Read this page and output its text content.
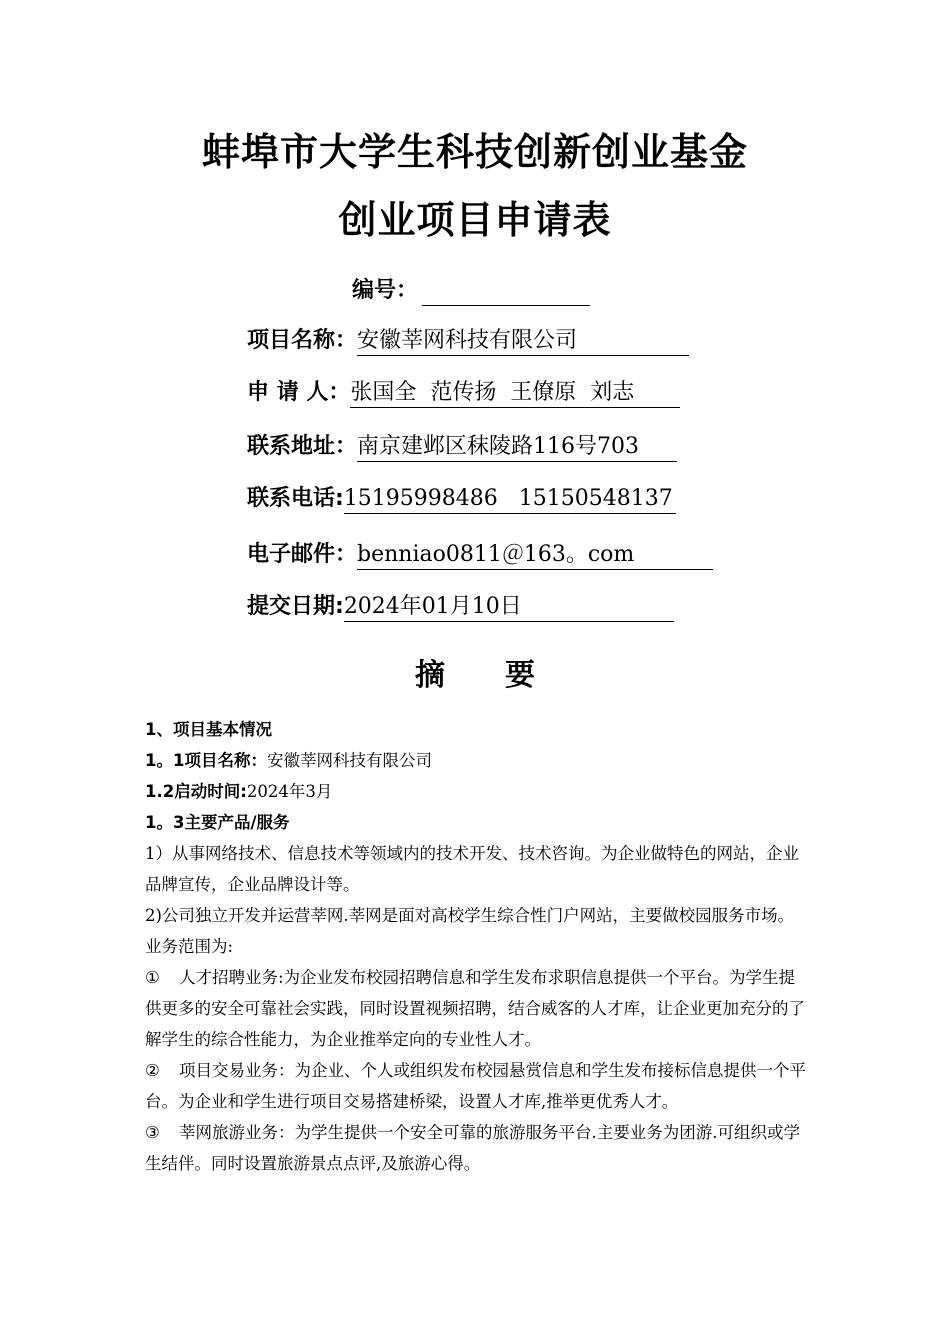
蚌埠市大学生科技创新创业基金
创业项目申请表
编号：
项目名称： 安徽莘网科技有限公司
申 请 人： 张国全  范传扬  王僚原  刘志
联系地址： 南京建邺区秣陵路116号703
联系电话: 15195998486   15150548137
电子邮件： benniao0811＠163。com
提交日期: 2024年01月10日
摘要

1、项目基本情况

1。1项目名称：安徽莘网科技有限公司

1.2启动时间:2024年3月

1。3主要产品/服务

1）从事网络技术、信息技术等领域内的技术开发、技术咨询。为企业做特色的网站，企业品牌宣传，企业品牌设计等。

2)公司独立开发并运营莘网.莘网是面对高校学生综合性门户网站，主要做校园服务市场。业务范围为:

① 人才招聘业务:为企业发布校园招聘信息和学生发布求职信息提供一个平台。为学生提供更多的安全可靠社会实践，同时设置视频招聘，结合威客的人才库，让企业更加充分的了解学生的综合性能力，为企业推举定向的专业性人才。

② 项目交易业务：为企业、个人或组织发布校园悬赏信息和学生发布接标信息提供一个平台。为企业和学生进行项目交易搭建桥梁，设置人才库,推举更优秀人才。

③ 莘网旅游业务：为学生提供一个安全可靠的旅游服务平台.主要业务为团游.可组织或学生结伴。同时设置旅游景点点评,及旅游心得。
